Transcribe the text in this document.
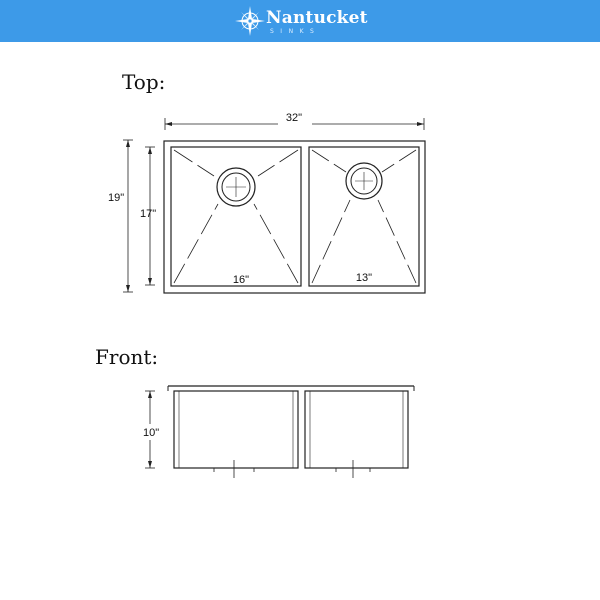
Nantucket
SINKS
Top:
Front:
32"
19"
17"
16"	13"
10"
